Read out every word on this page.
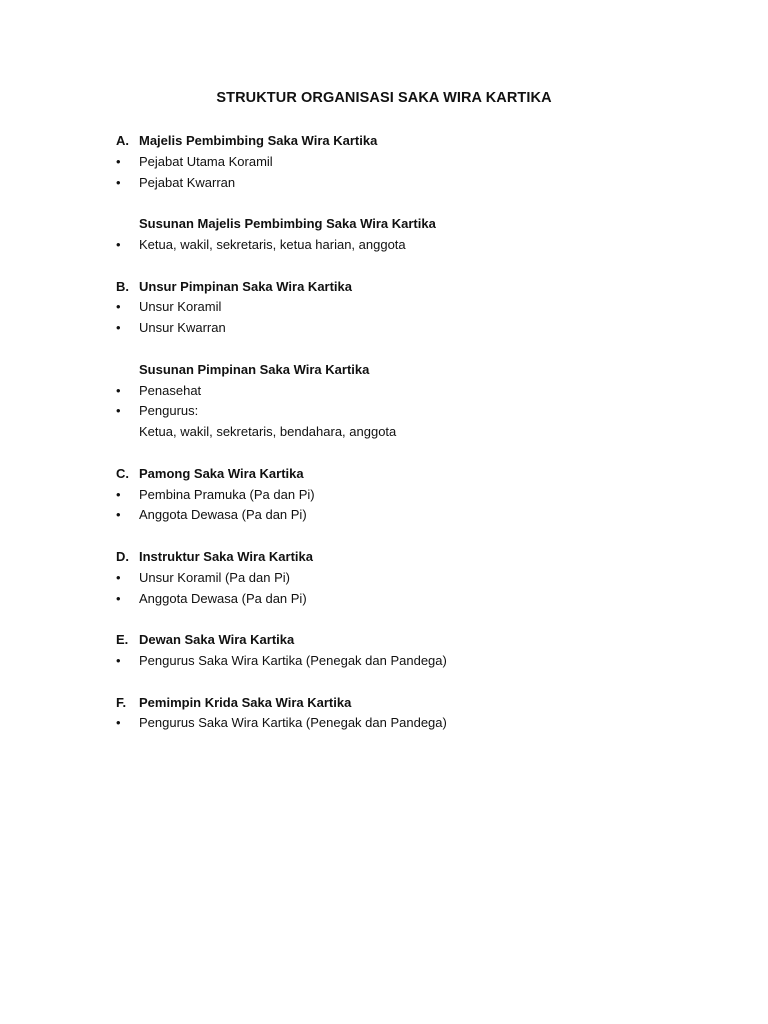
STRUKTUR ORGANISASI SAKA WIRA KARTIKA
A. Majelis Pembimbing Saka Wira Kartika
•	Pejabat Utama Koramil
•	Pejabat Kwarran
Susunan Majelis Pembimbing Saka Wira Kartika
•	Ketua, wakil, sekretaris, ketua harian, anggota
B. Unsur Pimpinan Saka Wira Kartika
•	Unsur Koramil
•	Unsur Kwarran
Susunan Pimpinan Saka Wira Kartika
•	Penasehat
•	Pengurus:
Ketua, wakil, sekretaris, bendahara, anggota
C. Pamong Saka Wira Kartika
•	Pembina Pramuka (Pa dan Pi)
•	Anggota Dewasa (Pa dan Pi)
D. Instruktur Saka Wira Kartika
•	Unsur Koramil (Pa dan Pi)
•	Anggota Dewasa (Pa dan Pi)
E. Dewan Saka Wira Kartika
•	Pengurus Saka Wira Kartika (Penegak dan Pandega)
F. Pemimpin Krida Saka Wira Kartika
•	Pengurus Saka Wira Kartika (Penegak dan Pandega)
